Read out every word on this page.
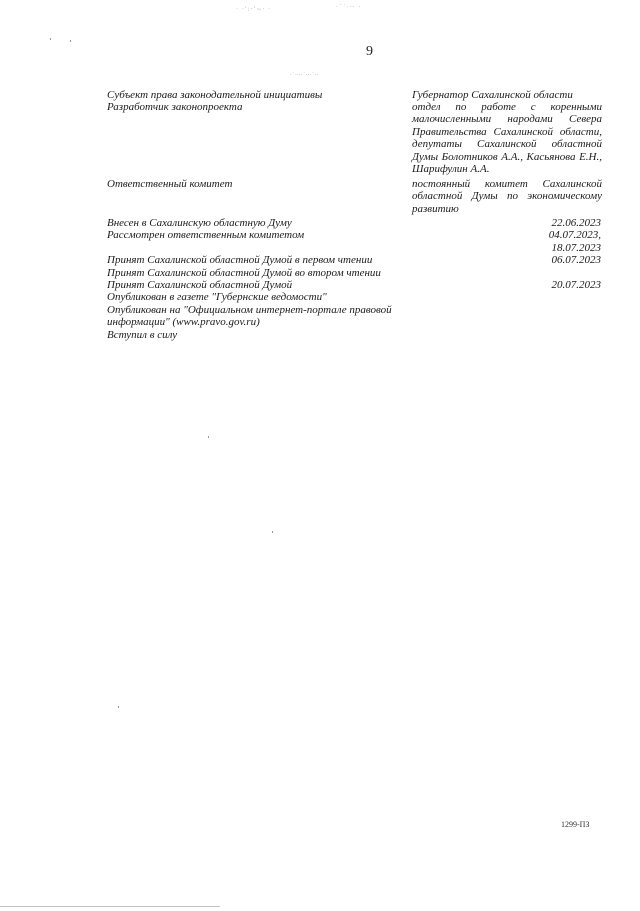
· ·ʼ:·‛~· ·	·´˙··ˑ ·
9
·˙·ˑ··˙·ˑ·˙·ˑ
Субъект права законодательной инициативы	Губернатор Сахалинской области
Разработчик законопроекта	отдел по работе с коренными малочисленными народами Севера Правительства Сахалинской области, депутаты Сахалинской областной Думы Болотников А.А., Касьянова Е.Н., Шарифулин А.А.
Ответственный комитет	постоянный комитет Сахалинской областной Думы по экономическому развитию
Внесен в Сахалинскую областную Думу	22.06.2023
Рассмотрен ответственным комитетом	04.07.2023,
18.07.2023
Принят Сахалинской областной Думой в первом чтении	06.07.2023
Принят Сахалинской областной Думой во втором чтении
Принят Сахалинской областной Думой	20.07.2023
Опубликован в газете "Губернские ведомости"
Опубликован на "Официальном интернет-портале правовой информации" (www.pravo.gov.ru)
Вступил в силу
1299-ПЗ
